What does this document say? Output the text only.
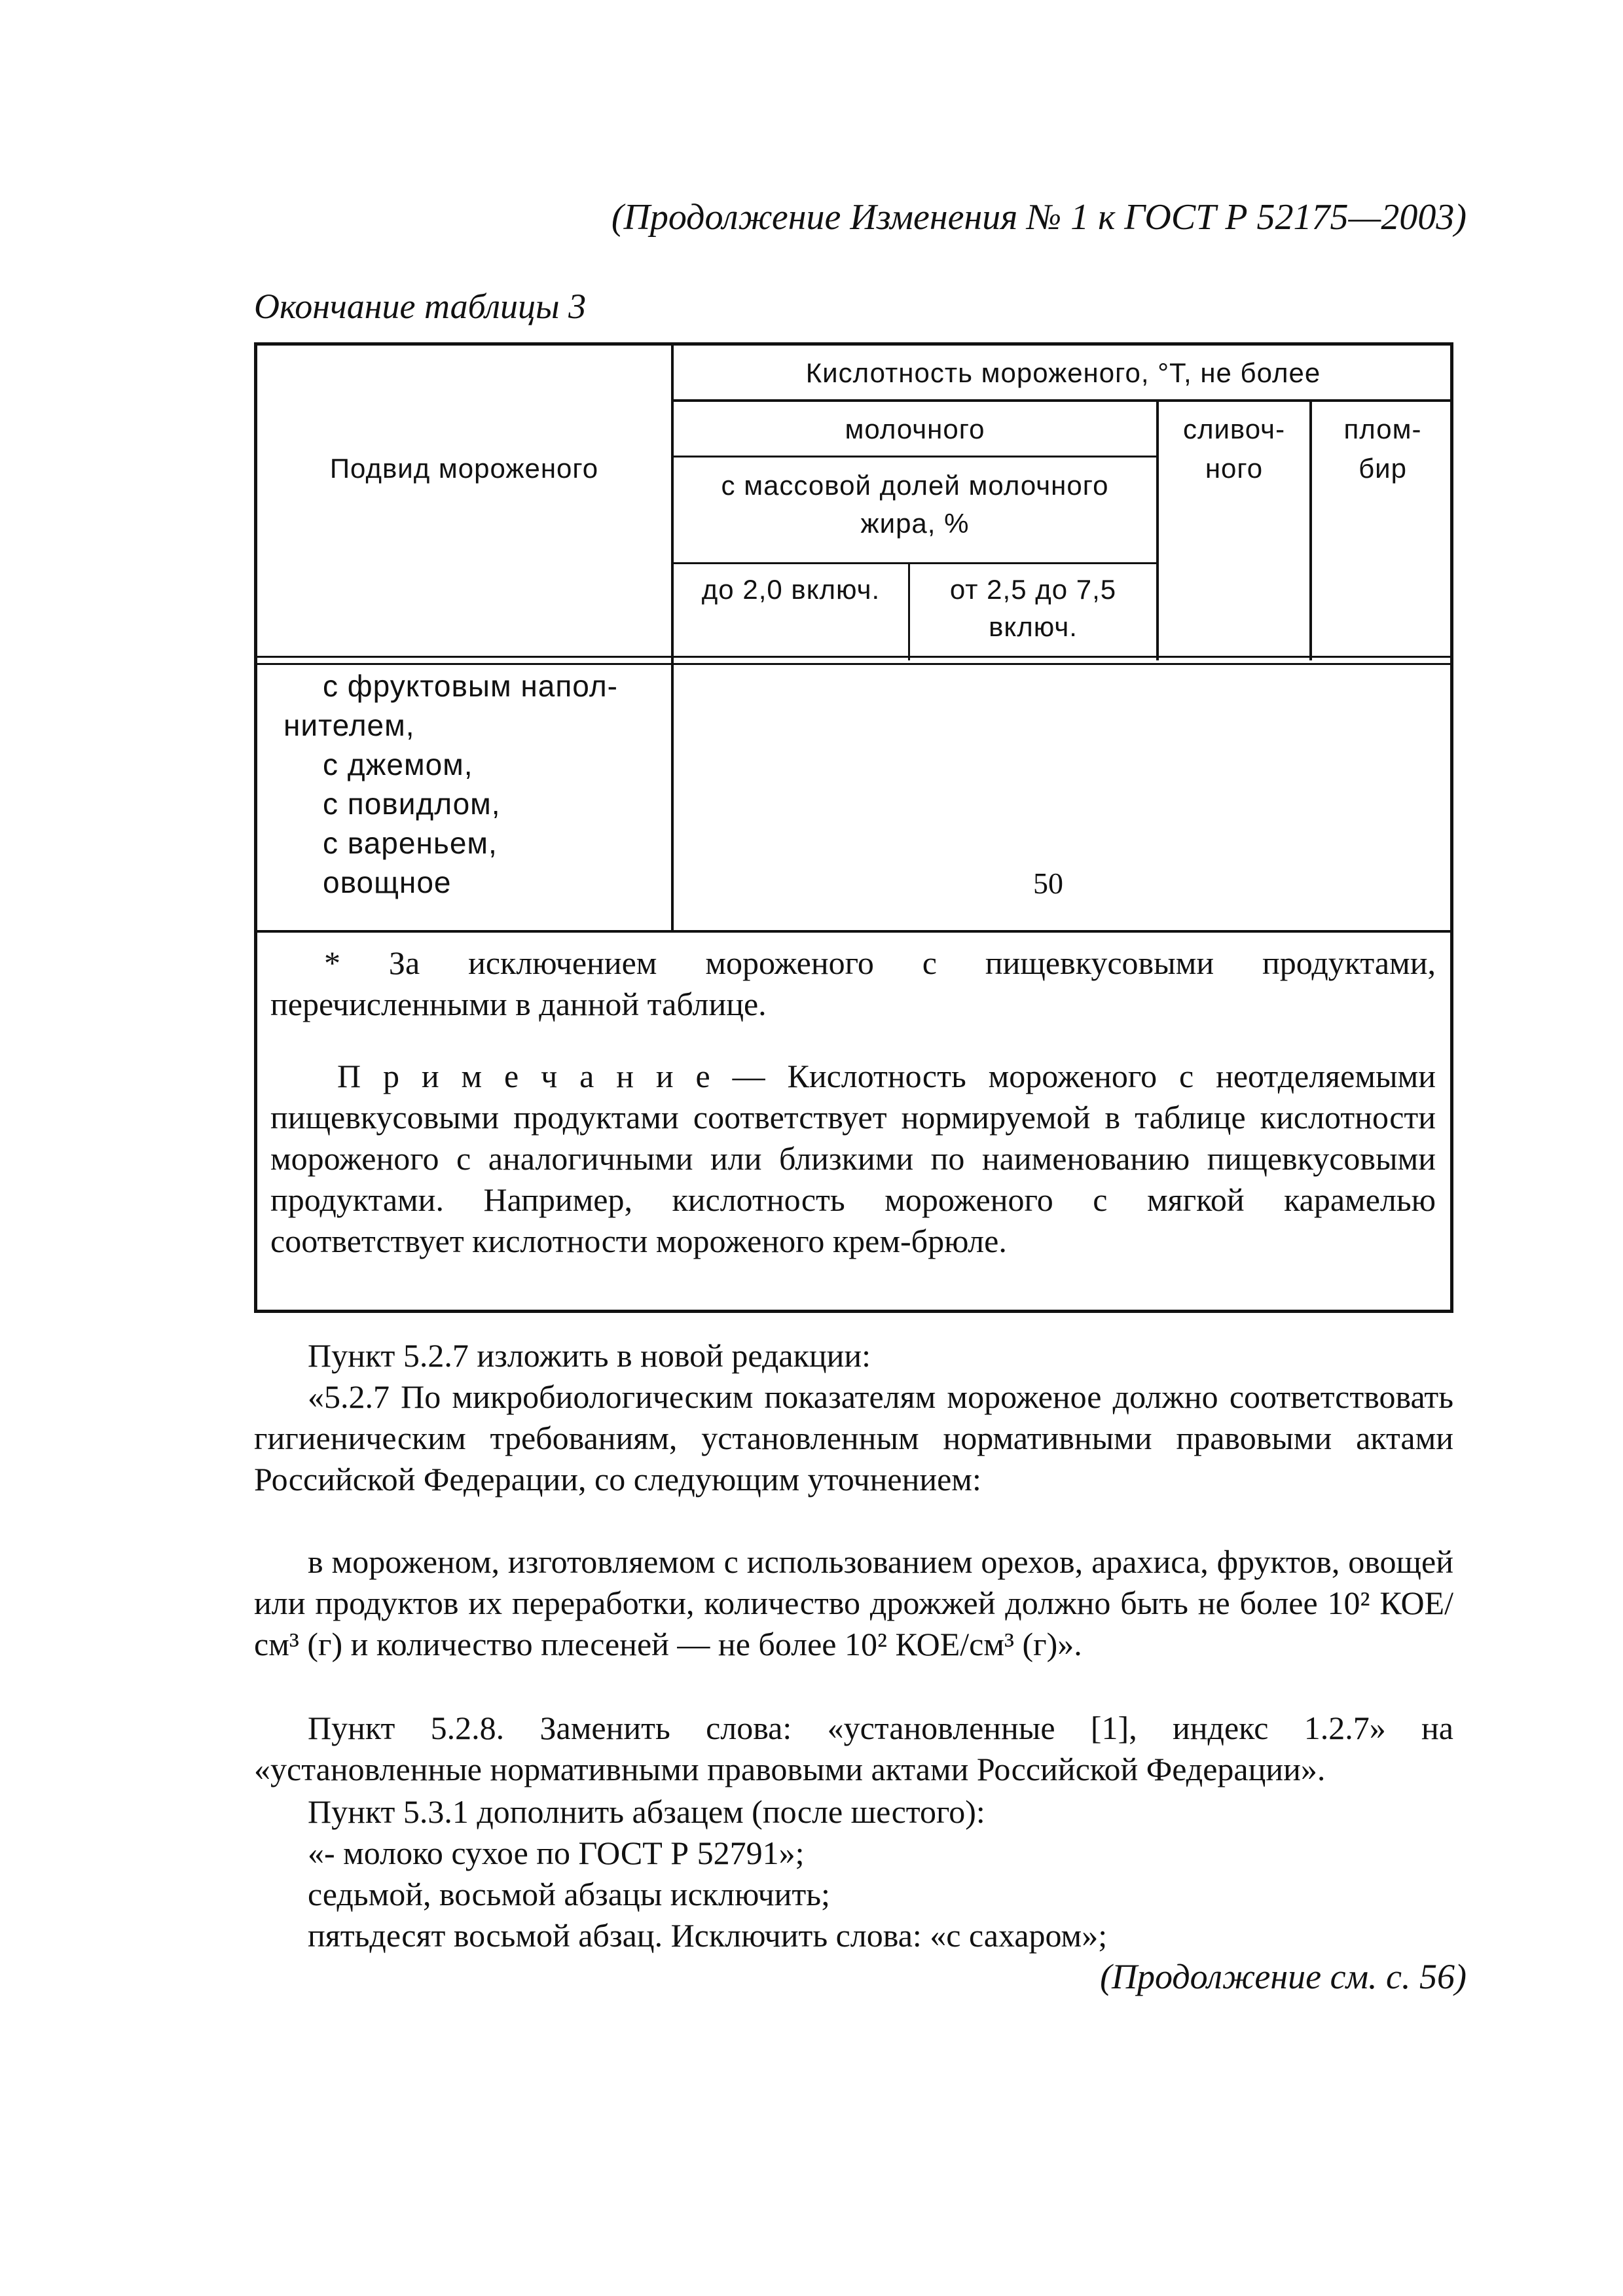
(Продолжение Изменения № 1 к ГОСТ Р 52175—2003)
Окончание таблицы 3
Подвид мороженого
Кислотность мороженого, °Т, не более
молочного
с массовой долей молочного
жира, %
до 2,0 включ.	от 2,5 до 7,5
включ.
сливоч-
ного
плом-
бир
с фруктовым напол-
нителем,
с джемом,
с повидлом,
с вареньем,
овощное	50
* За исключением мороженого с пищевкусовыми продуктами, перечисленными в данной таблице.
П р и м е ч а н и е — Кислотность мороженого с неотделяемыми пищевкусовыми продуктами соответствует нормируемой в таблице кислотности мороженого с аналогичными или близкими по наименованию пищевкусовыми продуктами. Например, кислотность мороженого с мягкой карамелью соответствует кислотности мороженого крем-брюле.
Пункт 5.2.7 изложить в новой редакции:
«5.2.7 По микробиологическим показателям мороженое должно соответствовать гигиеническим требованиям, установленным нормативными правовыми актами Российской Федерации, со следующим уточнением:
в мороженом, изготовляемом с использованием орехов, арахиса, фруктов, овощей или продуктов их переработки, количество дрожжей должно быть не более 10² КОЕ/см³ (г) и количество плесеней — не более 10² КОЕ/см³ (г)».
Пункт 5.2.8. Заменить слова: «установленные [1], индекс 1.2.7» на «установленные нормативными правовыми актами Российской Федерации».
Пункт 5.3.1 дополнить абзацем (после шестого):
«- молоко сухое по ГОСТ Р 52791»;
седьмой, восьмой абзацы исключить;
пятьдесят восьмой абзац. Исключить слова: «с сахаром»;
(Продолжение см. с. 56)
